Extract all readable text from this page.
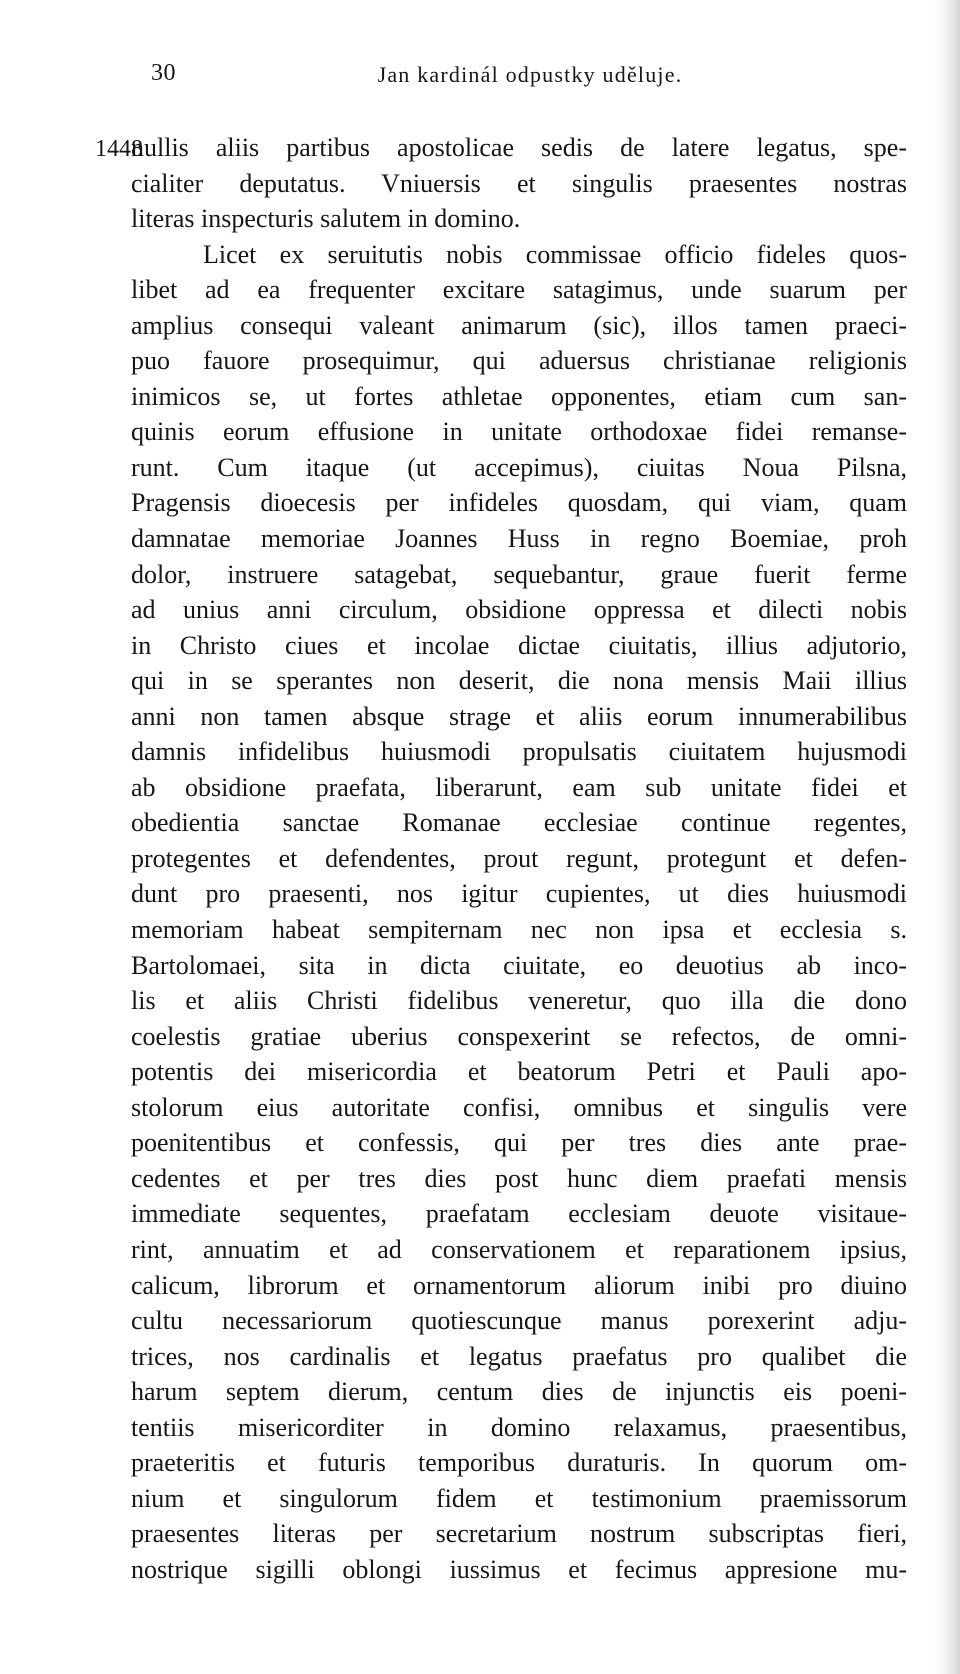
30	Jan kardinál odpustky uděluje.
1448
nullis aliis partibus apostolicae sedis de latere legatus, spe-
cialiter deputatus. Vniuersis et singulis praesentes nostras
literas inspecturis salutem in domino.
Licet ex seruitutis nobis commissae officio fideles quos-
libet ad ea frequenter excitare satagimus, unde suarum per
amplius consequi valeant animarum (sic), illos tamen praeci-
puo fauore prosequimur, qui aduersus christianae religionis
inimicos se, ut fortes athletae opponentes, etiam cum san-
quinis eorum effusione in unitate orthodoxae fidei remanse-
runt. Cum itaque (ut accepimus), ciuitas Noua Pilsna,
Pragensis dioecesis per infideles quosdam, qui viam, quam
damnatae memoriae Joannes Huss in regno Boemiae, proh
dolor, instruere satagebat, sequebantur, graue fuerit ferme
ad unius anni circulum, obsidione oppressa et dilecti nobis
in Christo ciues et incolae dictae ciuitatis, illius adjutorio,
qui in se sperantes non deserit, die nona mensis Maii illius
anni non tamen absque strage et aliis eorum innumerabilibus
damnis infidelibus huiusmodi propulsatis ciuitatem hujusmodi
ab obsidione praefata, liberarunt, eam sub unitate fidei et
obedientia sanctae Romanae ecclesiae continue regentes,
protegentes et defendentes, prout regunt, protegunt et defen-
dunt pro praesenti, nos igitur cupientes, ut dies huiusmodi
memoriam habeat sempiternam nec non ipsa et ecclesia s.
Bartolomaei, sita in dicta ciuitate, eo deuotius ab inco-
lis et aliis Christi fidelibus veneretur, quo illa die dono
coelestis gratiae uberius conspexerint se refectos, de omni-
potentis dei misericordia et beatorum Petri et Pauli apo-
stolorum eius autoritate confisi, omnibus et singulis vere
poenitentibus et confessis, qui per tres dies ante prae-
cedentes et per tres dies post hunc diem praefati mensis
immediate sequentes, praefatam ecclesiam deuote visitaue-
rint, annuatim et ad conservationem et reparationem ipsius,
calicum, librorum et ornamentorum aliorum inibi pro diuino
cultu necessariorum quotiescunque manus porexerint adju-
trices, nos cardinalis et legatus praefatus pro qualibet die
harum septem dierum, centum dies de injunctis eis poeni-
tentiis misericorditer in domino relaxamus, praesentibus,
praeteritis et futuris temporibus duraturis. In quorum om-
nium et singulorum fidem et testimonium praemissorum
praesentes literas per secretarium nostrum subscriptas fieri,
nostrique sigilli oblongi iussimus et fecimus appresione mu-
